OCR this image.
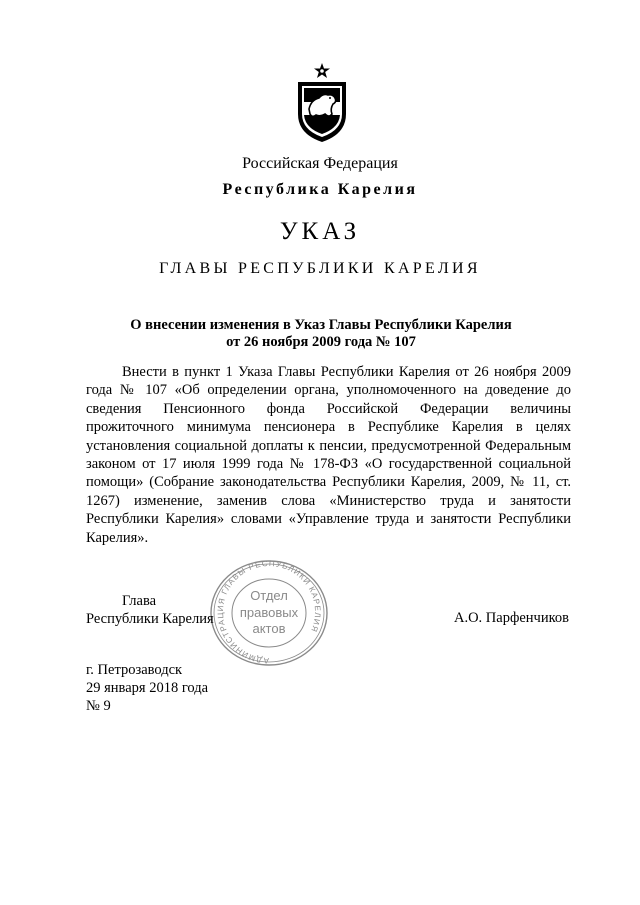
Российская Федерация
Республика Карелия
УКАЗ
ГЛАВЫ РЕСПУБЛИКИ КАРЕЛИЯ
О внесении изменения в Указ Главы Республики Карелия
от 26 ноября 2009 года № 107
Внести в пункт 1 Указа Главы Республики Карелия от 26 ноября 2009 года № 107 «Об определении органа, уполномоченного на доведение до сведения Пенсионного фонда Российской Федерации величины прожиточного минимума пенсионера в Республике Карелия в целях установления социальной доплаты к пенсии, предусмотренной Федеральным законом от 17 июля 1999 года № 178-ФЗ «О государственной социальной помощи» (Собрание законодательства Республики Карелия, 2009, № 11, ст. 1267) изменение, заменив слова «Министерство труда и занятости Республики Карелия» словами «Управление труда и занятости Республики Карелия».
АДМИНИСТРАЦИЯ ГЛАВЫ РЕСПУБЛИКИ КАРЕЛИЯ
Отдел
правовых
актов
Глава
Республики Карелия	А.О. Парфенчиков
г. Петрозаводск
29 января 2018 года
№ 9
